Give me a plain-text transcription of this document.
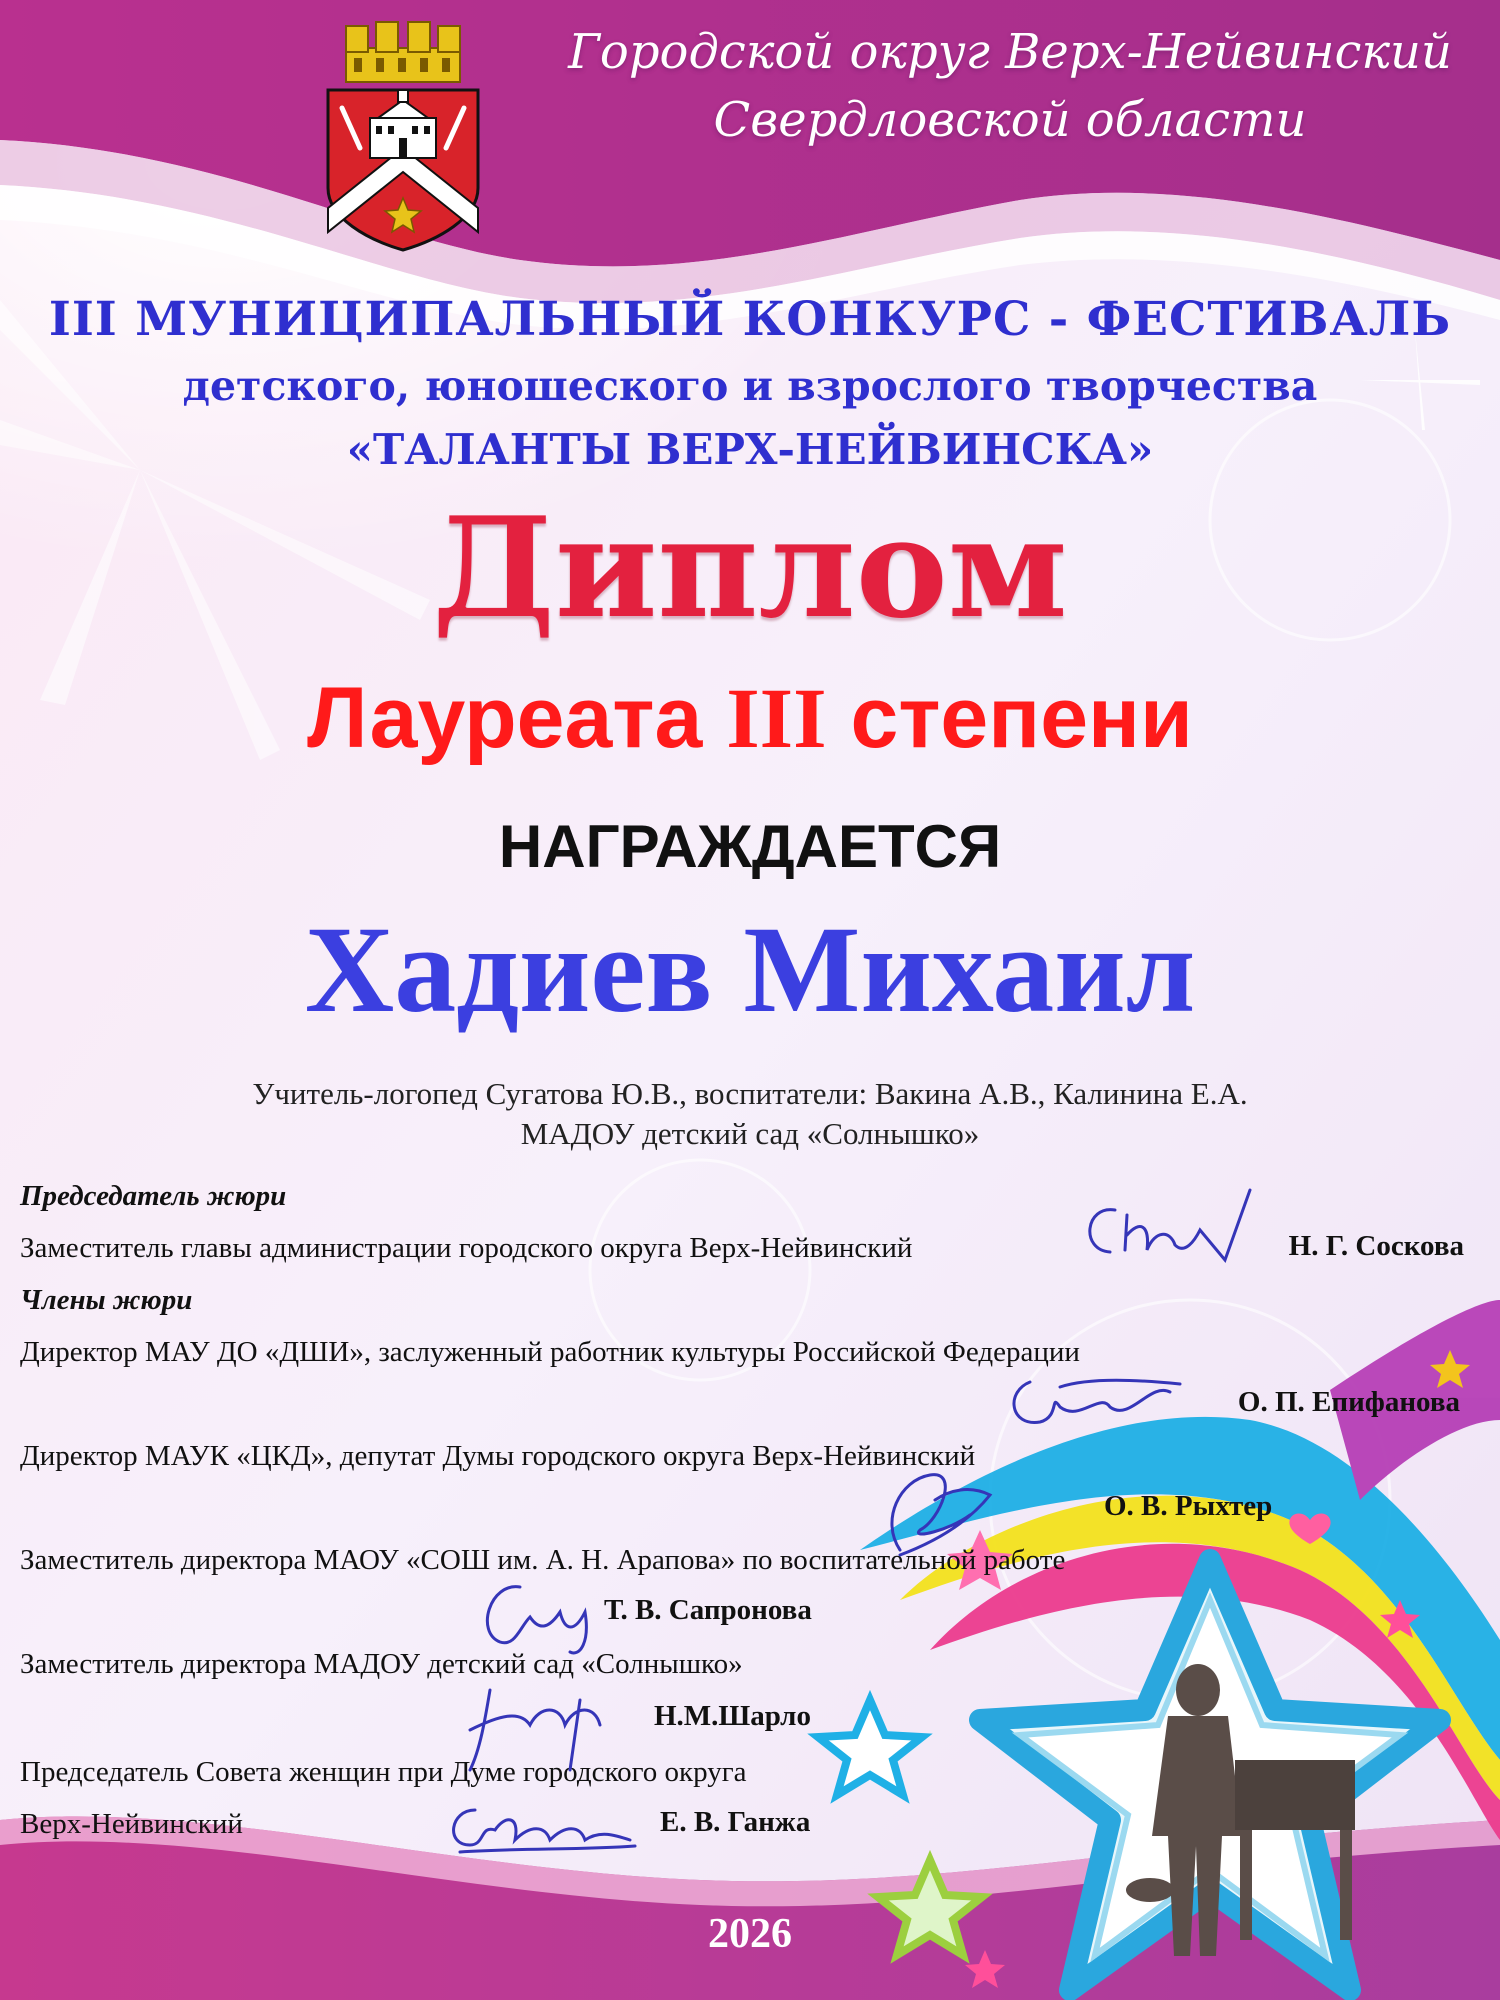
Городской округ Верх-Нейвинский
Свердловской области
III МУНИЦИПАЛЬНЫЙ КОНКУРС - ФЕСТИВАЛЬ
детского, юношеского и взрослого творчества
«ТАЛАНТЫ ВЕРХ-НЕЙВИНСКА»
Диплом
Лауреата III степени
НАГРАЖДАЕТСЯ
Хадиев Михаил
Учитель-логопед Сугатова Ю.В., воспитатели: Вакина А.В., Калинина Е.А.
МАДОУ детский сад «Солнышко»
Председатель жюри
Заместитель главы администрации городского округа Верх-Нейвинский	Н. Г. Соскова
Члены жюри
Директор МАУ ДО «ДШИ», заслуженный работник культуры Российской Федерации
О. П. Епифанова
Директор МАУК «ЦКД», депутат Думы городского округа Верх-Нейвинский
О. В. Рыхтер
Заместитель директора МАОУ «СОШ им. А. Н. Арапова» по воспитательной работе
Т. В. Сапронова
Заместитель директора МАДОУ детский сад «Солнышко»
Н.М.Шарло
Председатель Совета женщин при Думе городского округа
Верх-Нейвинский	Е. В. Ганжа
2026
